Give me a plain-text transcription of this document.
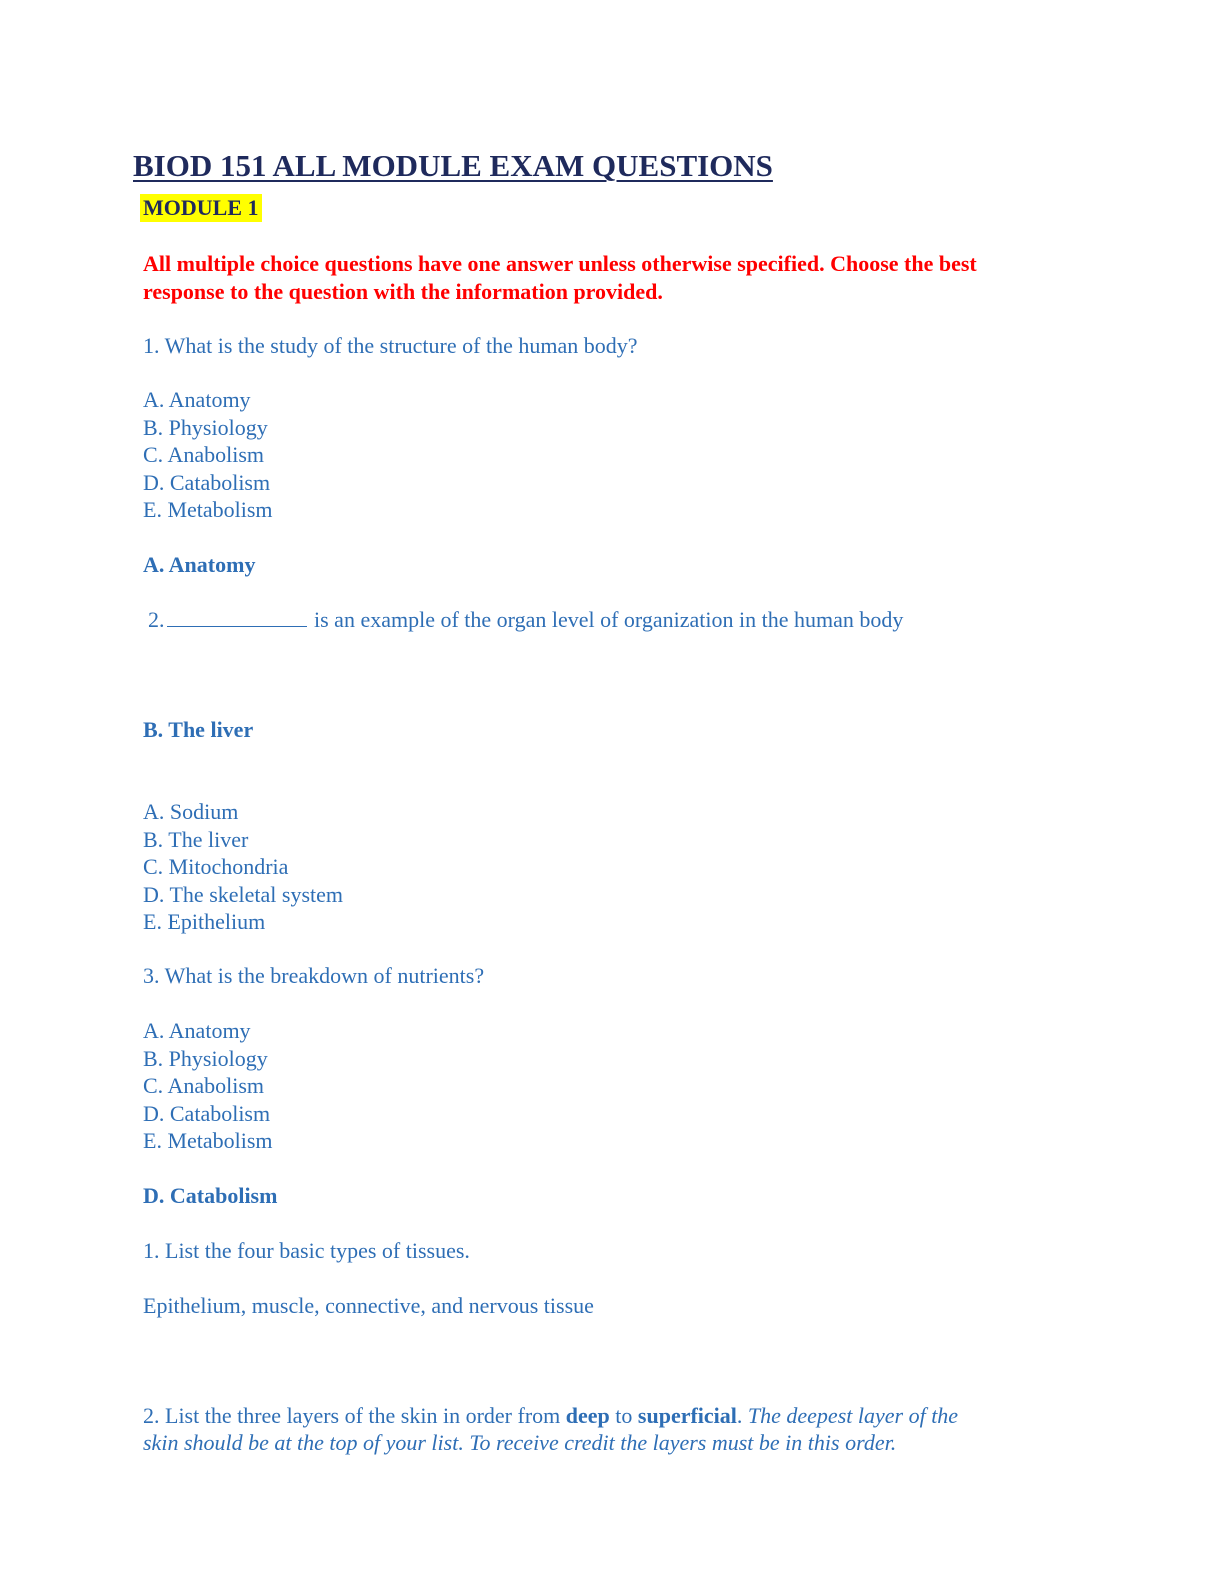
BIOD 151 ALL MODULE EXAM QUESTIONS
MODULE 1
All multiple choice questions have one answer unless otherwise specified. Choose the best
response to the question with the information provided.
1. What is the study of the structure of the human body?
A. Anatomy
B. Physiology
C. Anabolism
D. Catabolism
E. Metabolism
A. Anatomy
2.	is an example of the organ level of organization in the human body
B. The liver
A. Sodium
B. The liver
C. Mitochondria
D. The skeletal system
E. Epithelium
3. What is the breakdown of nutrients?
A. Anatomy
B. Physiology
C. Anabolism
D. Catabolism
E. Metabolism
D. Catabolism
1. List the four basic types of tissues.
Epithelium, muscle, connective, and nervous tissue
2. List the three layers of the skin in order from deep to superficial. The deepest layer of the
skin should be at the top of your list. To receive credit the layers must be in this order.
